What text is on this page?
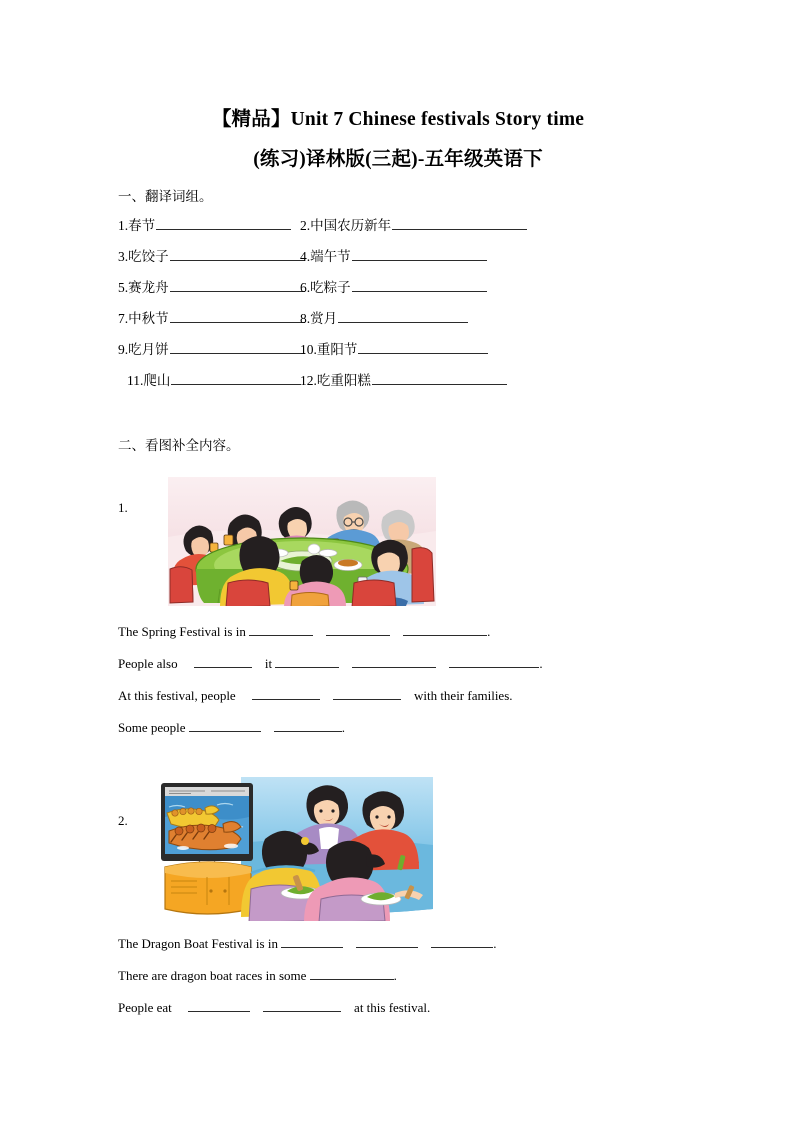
【精品】Unit 7 Chinese festivals Story time
(练习)译林版(三起)-五年级英语下
一、翻译词组。
1.春节	2.中国农历新年
3.吃饺子	4.端午节
5.赛龙舟	6.吃粽子
7.中秋节	8.赏月
9.吃月饼	10.重阳节
11.爬山	12.吃重阳糕
二、看图补全内容。
1.
The Spring Festival is in	.
People also	it	.
At this festival, people	with their families.
Some people	.
2.
The Dragon Boat Festival is in	.
There are dragon boat races in some	.
People eat	at this festival.
